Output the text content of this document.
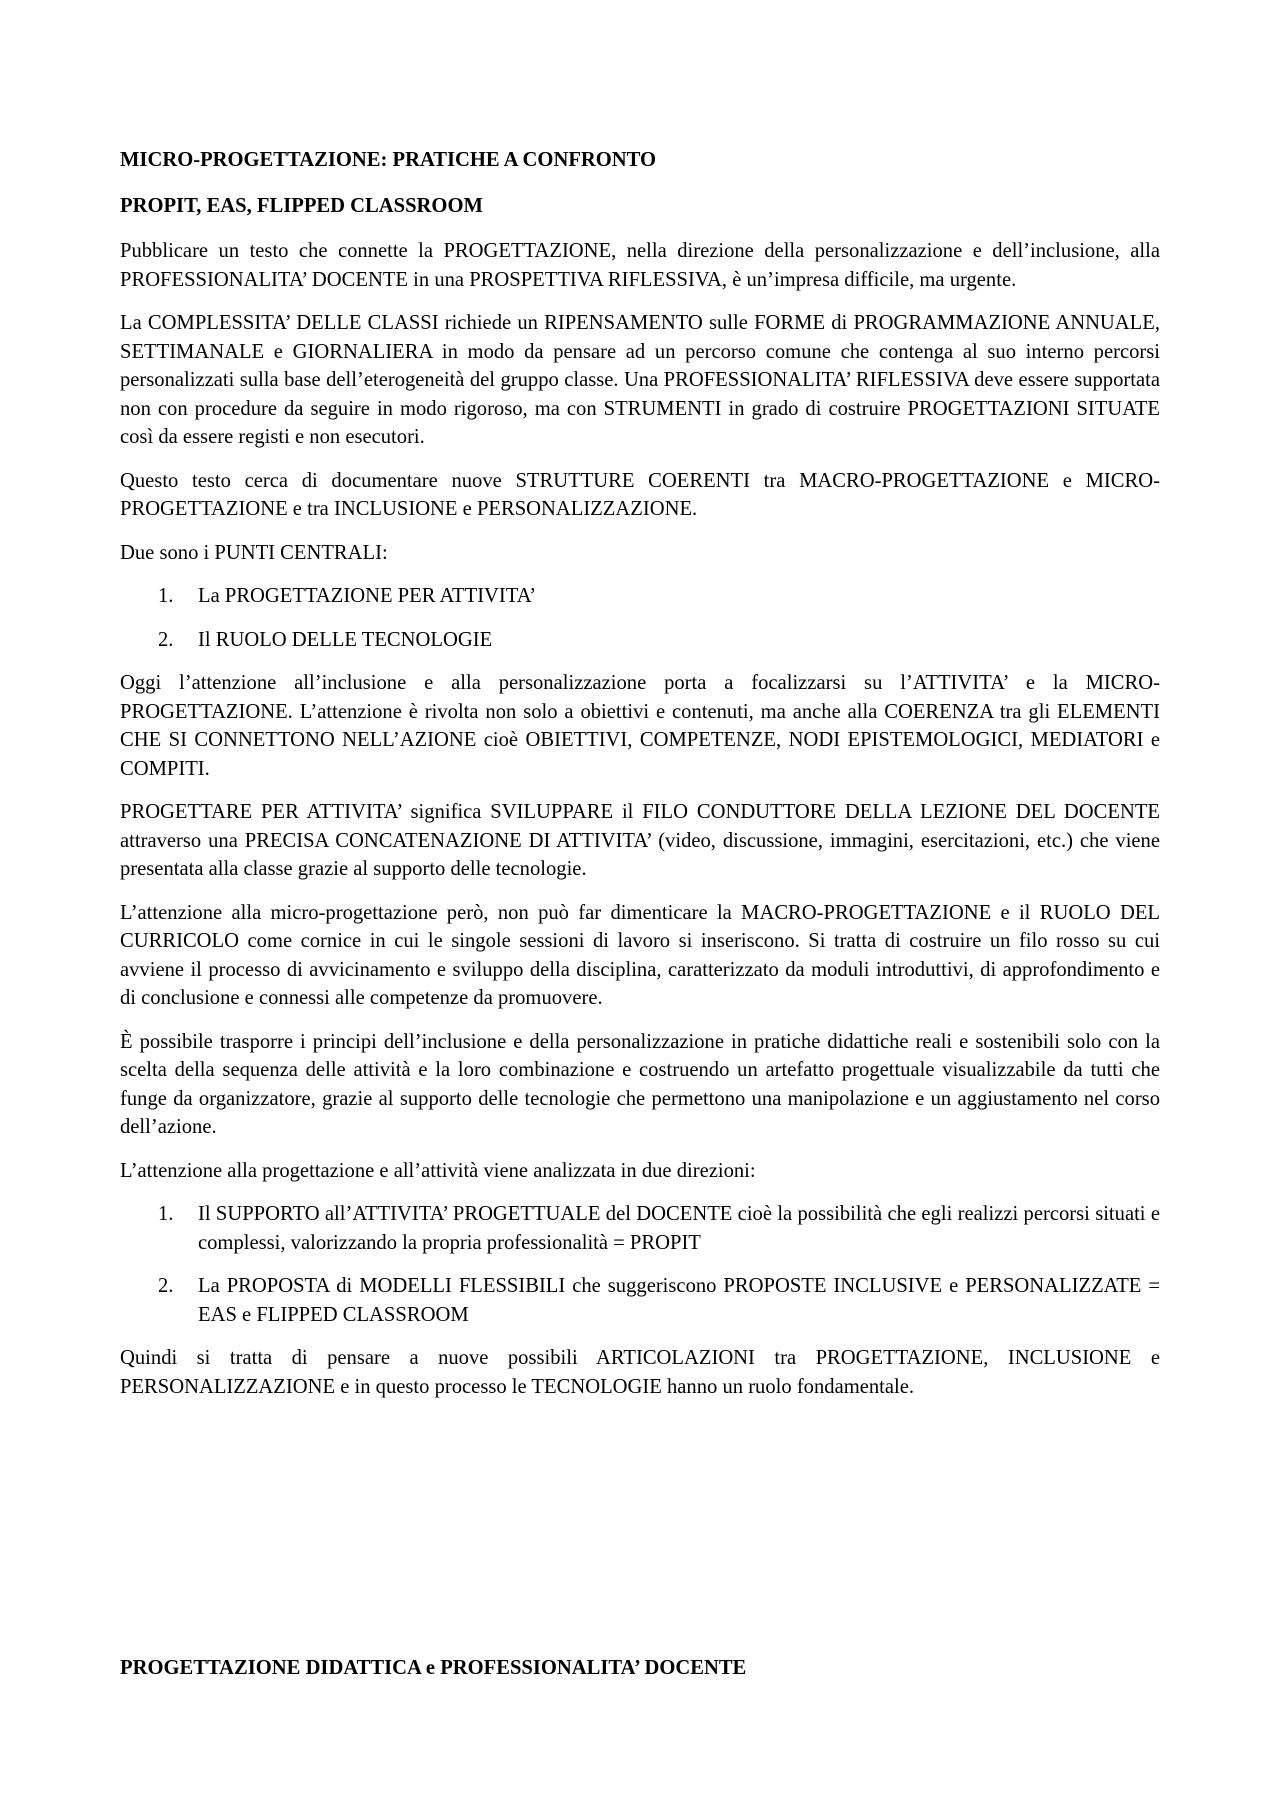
MICRO-PROGETTAZIONE: PRATICHE A CONFRONTO
PROPIT, EAS, FLIPPED CLASSROOM

Pubblicare un testo che connette la PROGETTAZIONE, nella direzione della personalizzazione e dell’inclusione, alla PROFESSIONALITA’ DOCENTE in una PROSPETTIVA RIFLESSIVA, è un’impresa difficile, ma urgente.

La COMPLESSITA’ DELLE CLASSI richiede un RIPENSAMENTO sulle FORME di PROGRAMMAZIONE ANNUALE, SETTIMANALE e GIORNALIERA in modo da pensare ad un percorso comune che contenga al suo interno percorsi personalizzati sulla base dell’eterogeneità del gruppo classe. Una PROFESSIONALITA’ RIFLESSIVA deve essere supportata non con procedure da seguire in modo rigoroso, ma con STRUMENTI in grado di costruire PROGETTAZIONI SITUATE così da essere registi e non esecutori.

Questo testo cerca di documentare nuove STRUTTURE COERENTI tra MACRO-PROGETTAZIONE e MICRO-PROGETTAZIONE e tra INCLUSIONE e PERSONALIZZAZIONE.

Due sono i PUNTI CENTRALI:

1. La PROGETTAZIONE PER ATTIVITA’
2. Il RUOLO DELLE TECNOLOGIE

Oggi l’attenzione all’inclusione e alla personalizzazione porta a focalizzarsi su l’ATTIVITA’ e la MICRO-PROGETTAZIONE. L’attenzione è rivolta non solo a obiettivi e contenuti, ma anche alla COERENZA tra gli ELEMENTI CHE SI CONNETTONO NELL’AZIONE cioè OBIETTIVI, COMPETENZE, NODI EPISTEMOLOGICI, MEDIATORI e COMPITI.

PROGETTARE PER ATTIVITA’ significa SVILUPPARE il FILO CONDUTTORE DELLA LEZIONE DEL DOCENTE attraverso una PRECISA CONCATENAZIONE DI ATTIVITA’ (video, discussione, immagini, esercitazioni, etc.) che viene presentata alla classe grazie al supporto delle tecnologie.

L’attenzione alla micro-progettazione però, non può far dimenticare la MACRO-PROGETTAZIONE e il RUOLO DEL CURRICOLO come cornice in cui le singole sessioni di lavoro si inseriscono. Si tratta di costruire un filo rosso su cui avviene il processo di avvicinamento e sviluppo della disciplina, caratterizzato da moduli introduttivi, di approfondimento e di conclusione e connessi alle competenze da promuovere.

È possibile trasporre i principi dell’inclusione e della personalizzazione in pratiche didattiche reali e sostenibili solo con la scelta della sequenza delle attività e la loro combinazione e costruendo un artefatto progettuale visualizzabile da tutti che funge da organizzatore, grazie al supporto delle tecnologie che permettono una manipolazione e un aggiustamento nel corso dell’azione.

L’attenzione alla progettazione e all’attività viene analizzata in due direzioni:

1. Il SUPPORTO all’ATTIVITA’ PROGETTUALE del DOCENTE cioè la possibilità che egli realizzi percorsi situati e complessi, valorizzando la propria professionalità = PROPIT
2. La PROPOSTA di MODELLI FLESSIBILI che suggeriscono PROPOSTE INCLUSIVE e PERSONALIZZATE = EAS e FLIPPED CLASSROOM

Quindi si tratta di pensare a nuove possibili ARTICOLAZIONI tra PROGETTAZIONE, INCLUSIONE e PERSONALIZZAZIONE e in questo processo le TECNOLOGIE hanno un ruolo fondamentale.

PROGETTAZIONE DIDATTICA e PROFESSIONALITA’ DOCENTE
